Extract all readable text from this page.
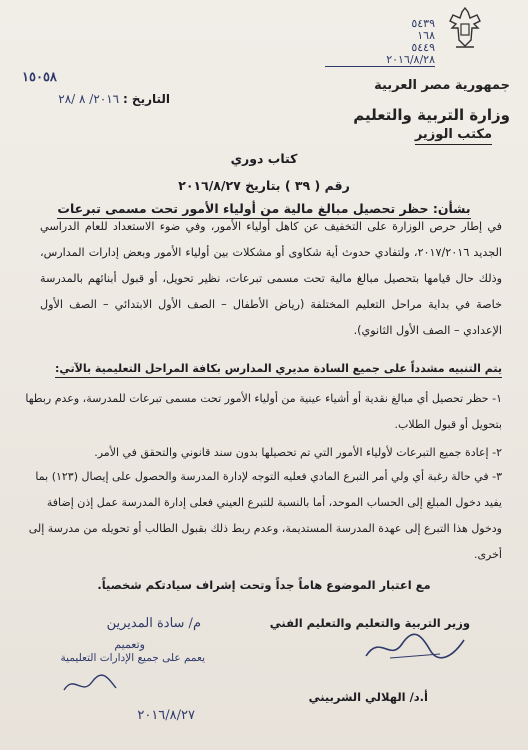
جمهورية مصر العربية
وزارة التربية والتعليم
مكتب الوزير
٥٤٣٩
١٦٨
٥٤٤٩
٢٠١٦/٨/٢٨
١٥٠٥٨
التاريخ : ٢٠١٦/ ٨ /٢٨
كتاب دوري
رقم ( ٣٩ ) بتاريخ ٢٠١٦/٨/٢٧
بشأن: حظر تحصيل مبالغ مالية من أولياء الأمور تحت مسمى تبرعات

في إطار حرص الوزارة على التخفيف عن كاهل أولياء الأمور، وفي ضوء الاستعداد للعام الدراسي الجديد ٢٠١٧/٢٠١٦، ولتفادي حدوث أية شكاوى أو مشكلات بين أولياء الأمور وبعض إدارات المدارس، وذلك حال قيامها بتحصيل مبالغ مالية تحت مسمى تبرعات، نظير تحويل، أو قبول أبنائهم بالمدرسة خاصة في بداية مراحل التعليم المختلفة (رياض الأطفال – الصف الأول الابتدائي – الصف الأول الإعدادي – الصف الأول الثانوي).

يتم التنبيه مشدداً على جميع السادة مديري المدارس بكافة المراحل التعليمية بالآتي:

١- حظر تحصيل أي مبالغ نقدية أو أشياء عينية من أولياء الأمور تحت مسمى تبرعات للمدرسة، وعدم ربطها بتحويل أو قبول الطلاب.

٢- إعادة جميع التبرعات لأولياء الأمور التي تم تحصيلها بدون سند قانوني والتحقق في الأمر.

٣- في حالة رغبة أي ولي أمر التبرع المادي فعليه التوجه لإدارة المدرسة والحصول على إيصال (١٢٣) بما يفيد دخول المبلغ إلى الحساب الموحد، أما بالنسبة للتبرع العيني فعلى إدارة المدرسة عمل إذن إضافة ودخول هذا التبرع إلى عهدة المدرسة المستديمة، وعدم ربط ذلك بقبول الطالب أو تحويله من مدرسة إلى أخرى.

مع اعتبار الموضوع هاماً جداً وتحت إشراف سيادتكم شخصياً.
وزير التربية والتعليم والتعليم الفني
أ.د/ الهلالي الشربيني
م/ سادة المديرين
وتعميم
يعمم على جميع الإدارات التعليمية
٢٠١٦/٨/٢٧
